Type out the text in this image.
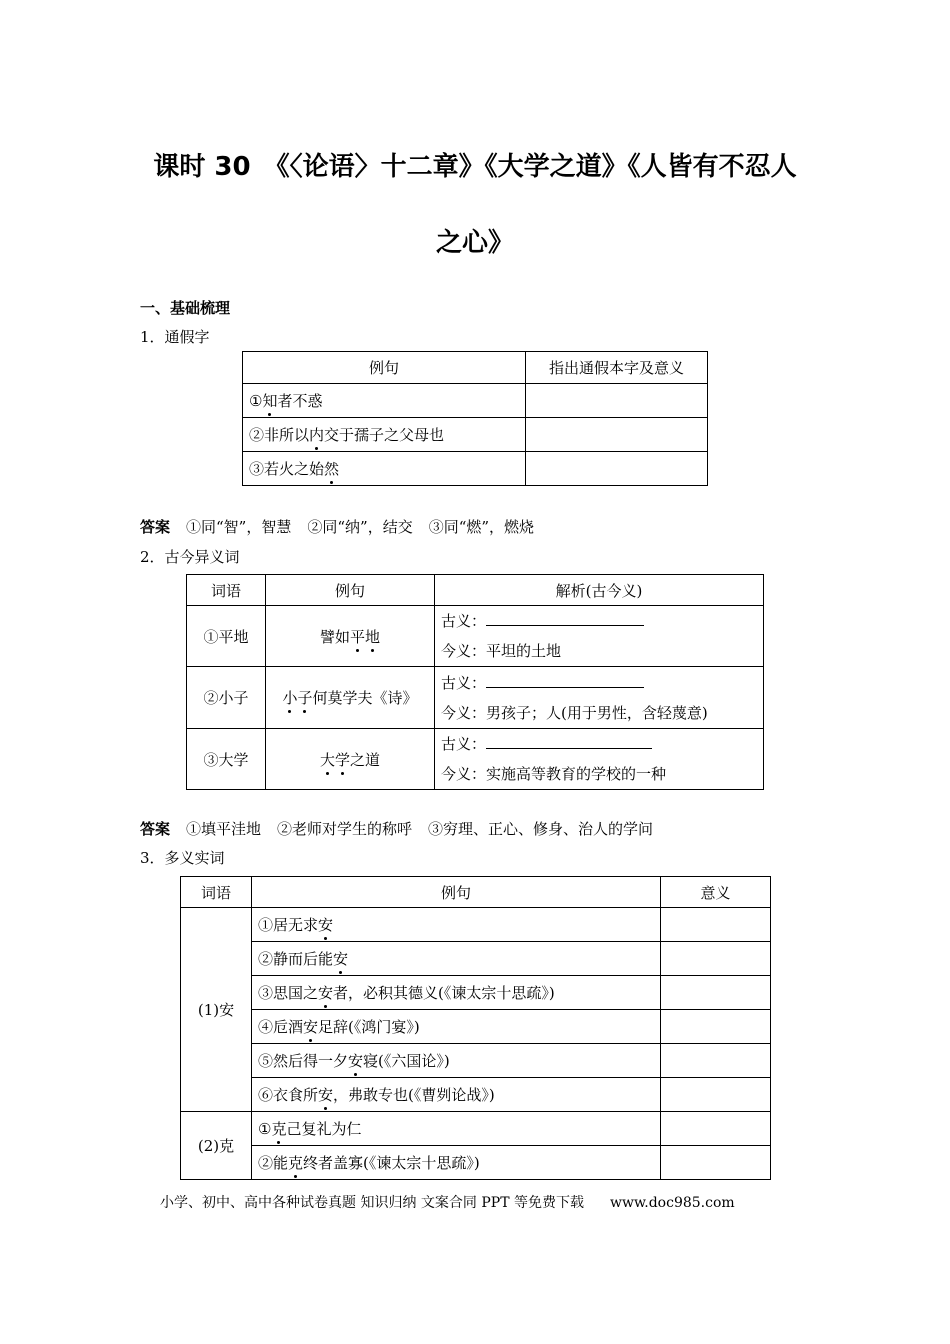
课时 30　《〈论语〉十二章》《大学之道》《人皆有不忍人
之心》
一、基础梳理
1．通假字
例句	指出通假本字及意义
①知者不惑	
②非所以内交于孺子之父母也	
③若火之始然	
答案 ①同“智”，智慧 ②同“纳”，结交 ③同“燃”，燃烧
2．古今异义词
词语	例句	解析(古今义)
①平地	譬如平地	古义：
今义：平坦的土地

②小子	小子何莫学夫《诗》	古义：
今义：男孩子；人(用于男性，含轻蔑意)

③大学	大学之道	古义：
今义：实施高等教育的学校的一种
答案 ①填平洼地 ②老师对学生的称呼 ③穷理、正心、修身、治人的学问
3．多义实词
词语	例句	意义
(1)安	①居无求安	
	②静而后能安	
	③思国之安者，必积其德义(《谏太宗十思疏》)	
	④卮酒安足辞(《鸿门宴》)	
	⑤然后得一夕安寝(《六国论》)	
	⑥衣食所安，弗敢专也(《曹刿论战》)	
(2)克	①克己复礼为仁	
	②能克终者盖寡(《谏太宗十思疏》)	
小学、初中、高中各种试卷真题 知识归纳 文案合同 PPT 等免费下载 www.doc985.com
